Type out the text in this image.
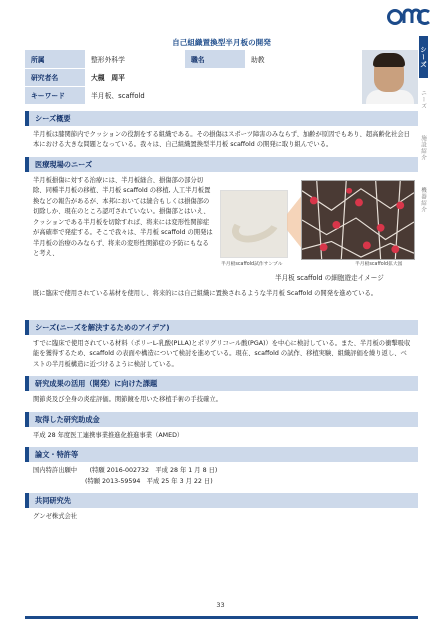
シーズ
ニーズ
施設紹介
機器紹介
自己組織置換型半月板の開発
所属	整形外科学	職名	助教	

研究者名	大槻　周平			
キーワード	半月板、scaffold			
シーズ概要
半月板は膝関節内でクッションの役割をする組織である。その損傷はスポーツ障害のみならず、加齢が原因でもあり、超高齢化社会日本における大きな問題となっている。我々は、自己組織置換型半月板 scaffold の開発に取り組んでいる。
医療現場のニーズ
半月板損傷に対する治療には、半月板縫合、損傷部の部分切除、同種半月板の移植、半月板 scaffold の移植, 人工半月板置換などの報告があるが、本邦においては縫合もしくは損傷部の切除しか、現在のところ認可されていない。損傷部とはいえ、クッションである半月板を切除すれば、将来には変形性関節症が高確率で発症する。そこで我々は、半月板 scaffold の開発は半月板の治療のみならず、将来の変形性関節症の予防にもなると考え、
半月板scaffold試作サンプル	半月板scaffold拡大図
半月板 scaffold の細胞遊走イメージ
既に臨床で使用されている基材を使用し、将来的には自己組織に置換されるような半月板 Scaffold の開発を進めている。
シーズ(ニーズを解決するためのアイデア)
すでに臨床で使用されている材料（ポリーL-乳酸(PLLA)とポリグリコール酸(PGA)）を中心に検討している。また、半月板の衝撃吸収能を獲得するため、scaffold の表面や構造について検討を進めている。現在、scaffold の試作、移植実験、組織評価を繰り返し、ベストの半月板構造に近づけるように検討している。
研究成果の活用（開発）に向けた課題
関節炎及び全身の炎症評価。関節鏡を用いた移植手術の手技確立。
取得した研究助成金
平成 28 年度医工連携事業推進化推進事業（AMED）
論文・特許等
国内特許出願中　　(特願 2016-002732　平成 28 年 1 月 8 日)
(特願 2013-59594　平成 25 年 3 月 22 日)
共同研究先
グンゼ株式会社
33
